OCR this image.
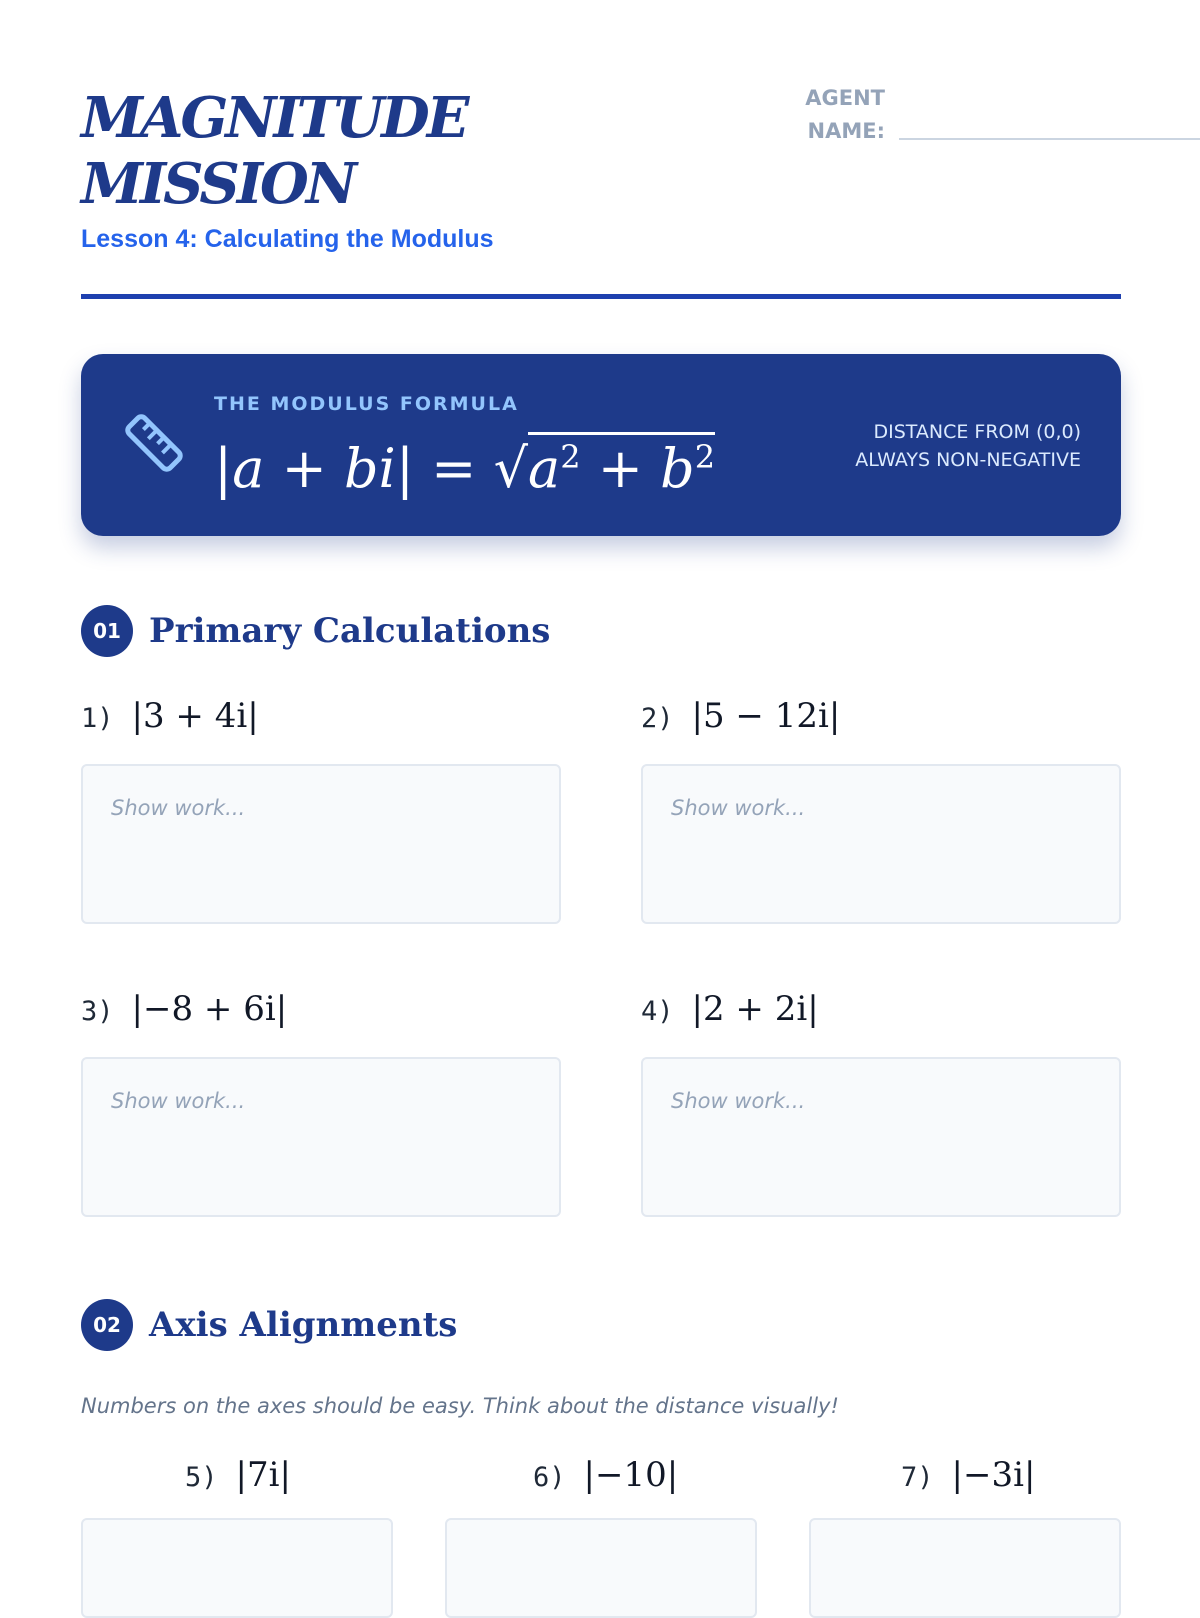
MAGNITUDE
MISSION
Lesson 4: Calculating the Modulus
AGENT
NAME:
THE MODULUS FORMULA
$|a + bi| = √a^2 + b^2$
DISTANCE FROM (0,0)
ALWAYS NON-NEGATIVE
01 Primary Calculations
1) |3 + 4i|
Show work...
2) |5 − 12i|
Show work...
3) |−8 + 6i|
Show work...
4) |2 + 2i|
Show work...
02 Axis Alignments
Numbers on the axes should be easy. Think about the distance visually!
5) |7i|	6) |−10|	7) |−3i|
